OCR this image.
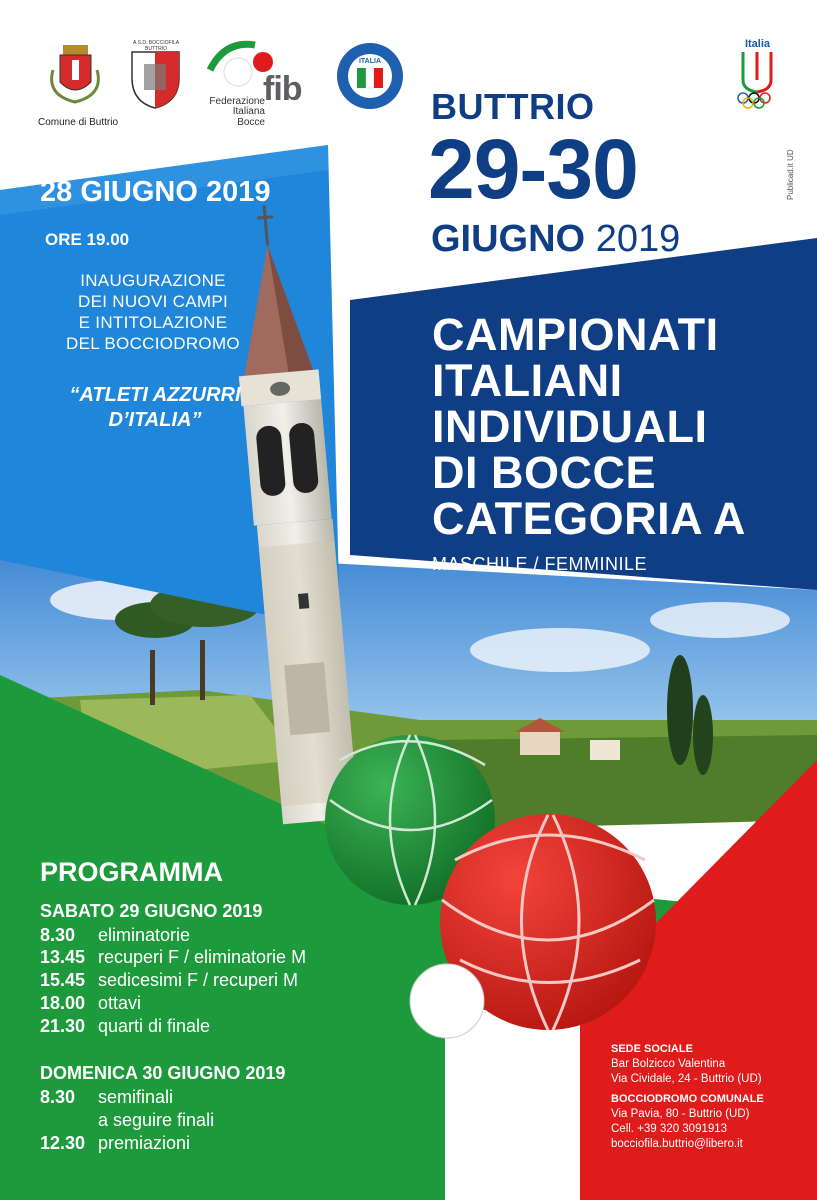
Comune di Buttrio
A.S.D. BOCCIOFILA BUTTRIO
fib
Federazione
Italiana Bocce
ITALIA
Italia
BUTTRIO
29-30
GIUGNO 2019
Publicad.it UD
28 GIUGNO 2019
ORE 19.00
INAUGURAZIONE
DEI NUOVI CAMPI
E INTITOLAZIONE
DEL BOCCIODROMO
“ATLETI AZZURRI
D’ITALIA”
CAMPIONATI
ITALIANI
INDIVIDUALI
DI BOCCE
CATEGORIA A
MASCHILE / FEMMINILE
PROGRAMMA
SABATO 29 GIUGNO 2019
8.30 eliminatorie
13.45 recuperi F / eliminatorie M
15.45 sedicesimi F / recuperi M
18.00 ottavi
21.30 quarti di finale
DOMENICA 30 GIUGNO 2019
8.30 semifinali
a seguire finali
12.30 premiazioni
SEDE SOCIALE
Bar Bolzicco Valentina
Via Cividale, 24 - Buttrio (UD)
BOCCIODROMO COMUNALE
Via Pavia, 80 - Buttrio (UD)
Cell. +39 320 3091913
bocciofila.buttrio@libero.it
